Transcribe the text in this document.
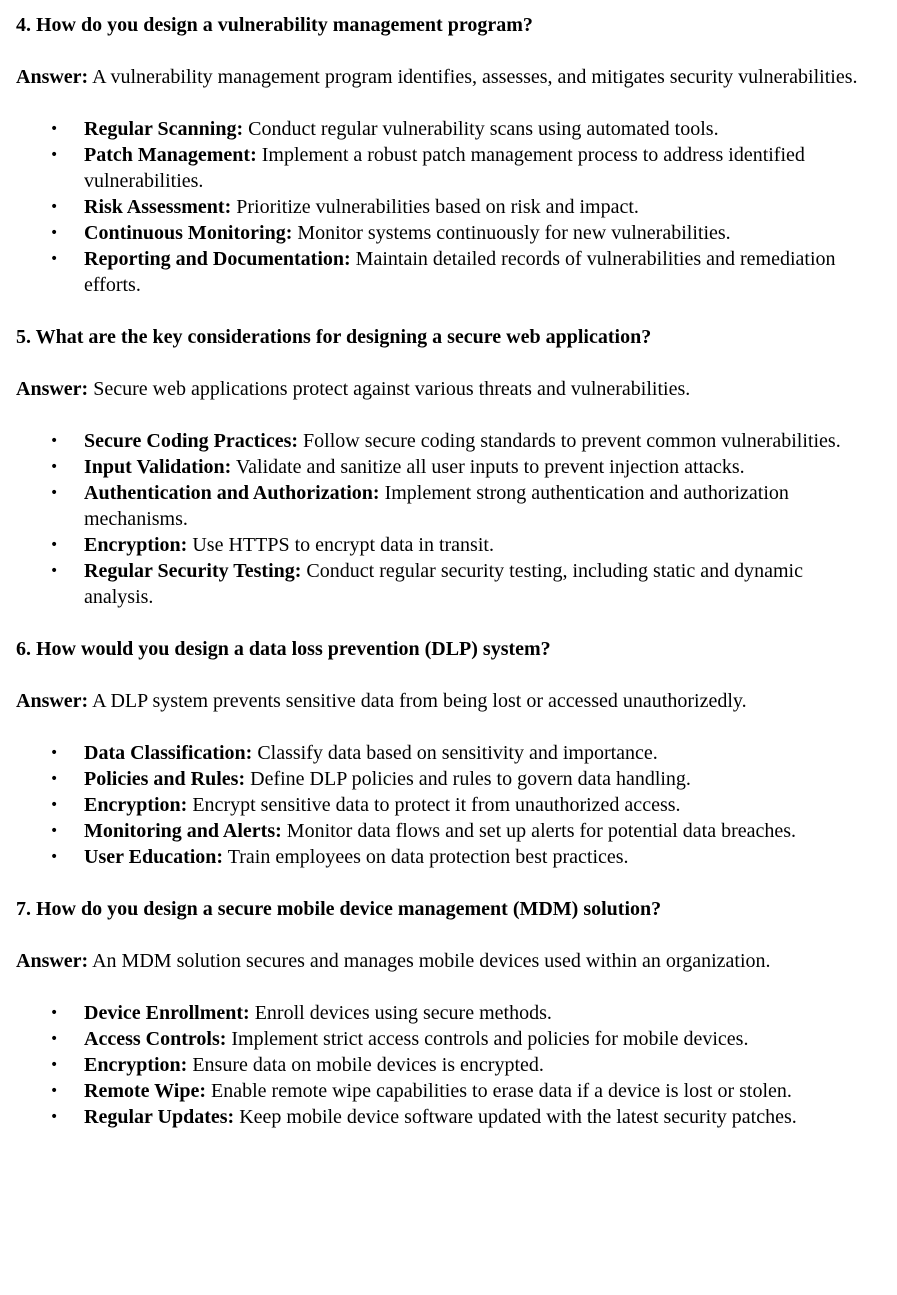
4. How do you design a vulnerability management program?

Answer: A vulnerability management program identifies, assesses, and mitigates security vulnerabilities.

• Regular Scanning: Conduct regular vulnerability scans using automated tools.
• Patch Management: Implement a robust patch management process to address identified vulnerabilities.
• Risk Assessment: Prioritize vulnerabilities based on risk and impact.
• Continuous Monitoring: Monitor systems continuously for new vulnerabilities.
• Reporting and Documentation: Maintain detailed records of vulnerabilities and remediation efforts.

5. What are the key considerations for designing a secure web application?

Answer: Secure web applications protect against various threats and vulnerabilities.

• Secure Coding Practices: Follow secure coding standards to prevent common vulnerabilities.
• Input Validation: Validate and sanitize all user inputs to prevent injection attacks.
• Authentication and Authorization: Implement strong authentication and authorization mechanisms.
• Encryption: Use HTTPS to encrypt data in transit.
• Regular Security Testing: Conduct regular security testing, including static and dynamic analysis.

6. How would you design a data loss prevention (DLP) system?

Answer: A DLP system prevents sensitive data from being lost or accessed unauthorizedly.

• Data Classification: Classify data based on sensitivity and importance.
• Policies and Rules: Define DLP policies and rules to govern data handling.
• Encryption: Encrypt sensitive data to protect it from unauthorized access.
• Monitoring and Alerts: Monitor data flows and set up alerts for potential data breaches.
• User Education: Train employees on data protection best practices.

7. How do you design a secure mobile device management (MDM) solution?

Answer: An MDM solution secures and manages mobile devices used within an organization.

• Device Enrollment: Enroll devices using secure methods.
• Access Controls: Implement strict access controls and policies for mobile devices.
• Encryption: Ensure data on mobile devices is encrypted.
• Remote Wipe: Enable remote wipe capabilities to erase data if a device is lost or stolen.
• Regular Updates: Keep mobile device software updated with the latest security patches.
